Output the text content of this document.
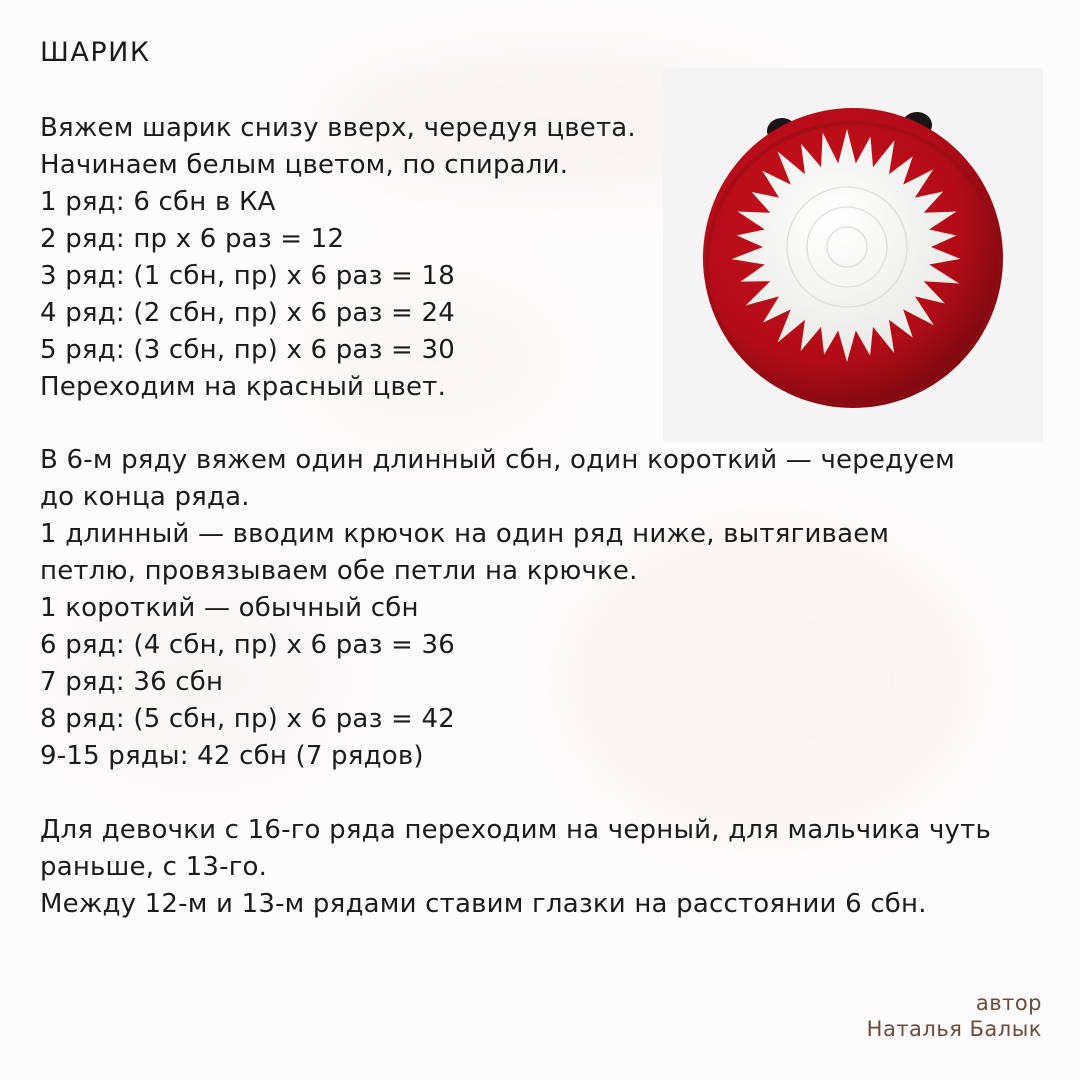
ШАРИК
Вяжем шарик снизу вверх, чередуя цвета.
Начинаем белым цветом, по спирали.
1 ряд: 6 сбн в КА
2 ряд: пр х 6 раз = 12
3 ряд: (1 сбн, пр) х 6 раз = 18
4 ряд: (2 сбн, пр) х 6 раз = 24
5 ряд: (3 сбн, пр) х 6 раз = 30
Переходим на красный цвет.
В 6-м ряду вяжем один длинный сбн, один короткий — чередуем
до конца ряда.
1 длинный — вводим крючок на один ряд ниже, вытягиваем
петлю, провязываем обе петли на крючке.
1 короткий — обычный сбн
6 ряд: (4 сбн, пр) х 6 раз = 36
7 ряд: 36 сбн
8 ряд: (5 сбн, пр) х 6 раз = 42
9-15 ряды: 42 сбн (7 рядов)
Для девочки с 16-го ряда переходим на черный, для мальчика чуть
раньше, с 13-го.
Между 12-м и 13-м рядами ставим глазки на расстоянии 6 сбн.
автор
Наталья Балык
